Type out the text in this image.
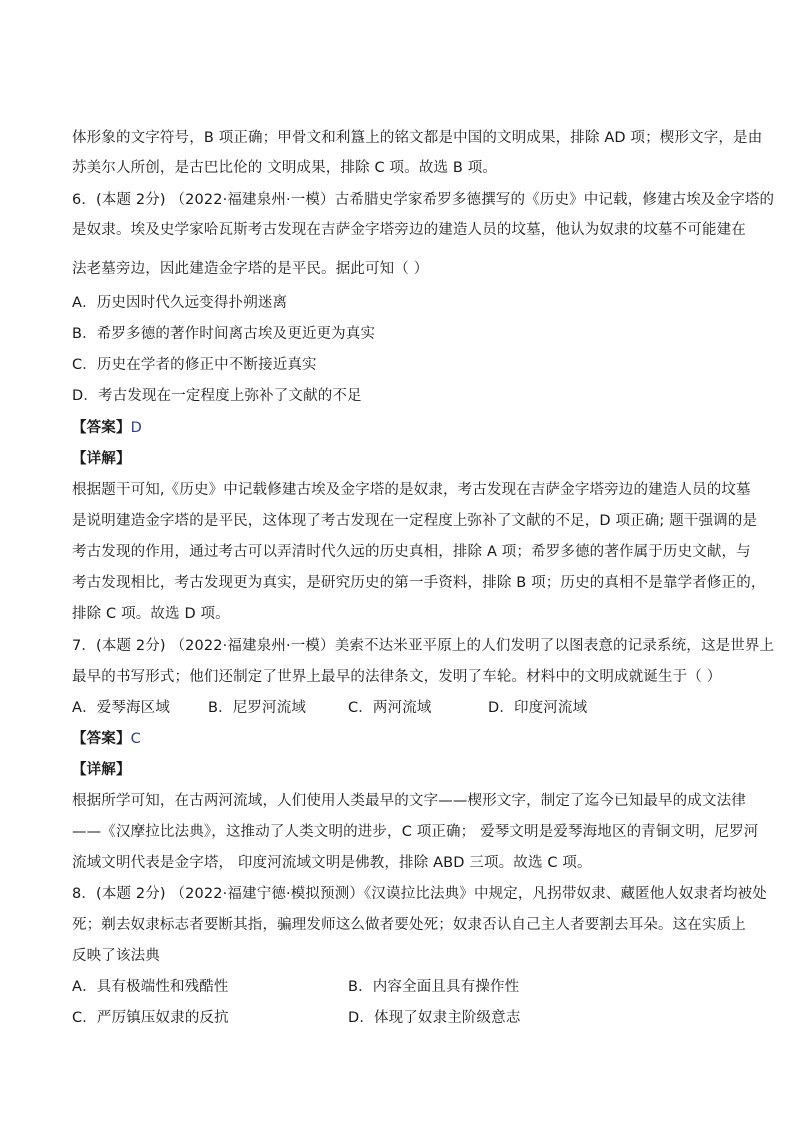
体形象的文字符号，B 项正确；甲骨文和利簋上的铭文都是中国的文明成果，排除 AD 项；楔形文字，是由
苏美尔人所创，是古巴比伦的 文明成果，排除 C 项。故选 B 项。
6．(本题 2分) （2022·福建泉州·一模）古希腊史学家希罗多德撰写的《历史》中记载，修建古埃及金字塔的
是奴隶。埃及史学家哈瓦斯考古发现在吉萨金字塔旁边的建造人员的坟墓，他认为奴隶的坟墓不可能建在
法老墓旁边，因此建造金字塔的是平民。据此可知（ ）
A．历史因时代久远变得扑朔迷离
B．希罗多德的著作时间离古埃及更近更为真实
C．历史在学者的修正中不断接近真实
D．考古发现在一定程度上弥补了文献的不足
【答案】D
【详解】
根据题干可知,《历史》中记载修建古埃及金字塔的是奴隶，考古发现在吉萨金字塔旁边的建造人员的坟墓
是说明建造金字塔的是平民，这体现了考古发现在一定程度上弥补了文献的不足，D 项正确; 题干强调的是
考古发现的作用，通过考古可以弄清时代久远的历史真相，排除 A 项；希罗多德的著作属于历史文献，与
考古发现相比，考古发现更为真实，是研究历史的第一手资料，排除 B 项；历史的真相不是靠学者修正的，
排除 C 项。故选 D 项。
7．(本题 2分) （2022·福建泉州·一模）美索不达米亚平原上的人们发明了以图表意的记录系统，这是世界上
最早的书写形式；他们还制定了世界上最早的法律条文，发明了车轮。材料中的文明成就诞生于（ ）
A．爱琴海区域	B．尼罗河流域	C．两河流域	D．印度河流域
【答案】C
【详解】
根据所学可知，在古两河流域，人们使用人类最早的文字——楔形文字，制定了迄今已知最早的成文法律
——《汉摩拉比法典》，这推动了人类文明的进步，C 项正确； 爱琴文明是爱琴海地区的青铜文明，尼罗河
流域文明代表是金字塔， 印度河流域文明是佛教，排除 ABD 三项。故选 C 项。
8．(本题 2分) （2022·福建宁德·模拟预测）《汉谟拉比法典》中规定，凡拐带奴隶、藏匿他人奴隶者均被处
死；剃去奴隶标志者要断其指，骗理发师这么做者要处死；奴隶否认自己主人者要割去耳朵。这在实质上
反映了该法典
A．具有极端性和残酷性	B．内容全面且具有操作性
C．严厉镇压奴隶的反抗	D．体现了奴隶主阶级意志
